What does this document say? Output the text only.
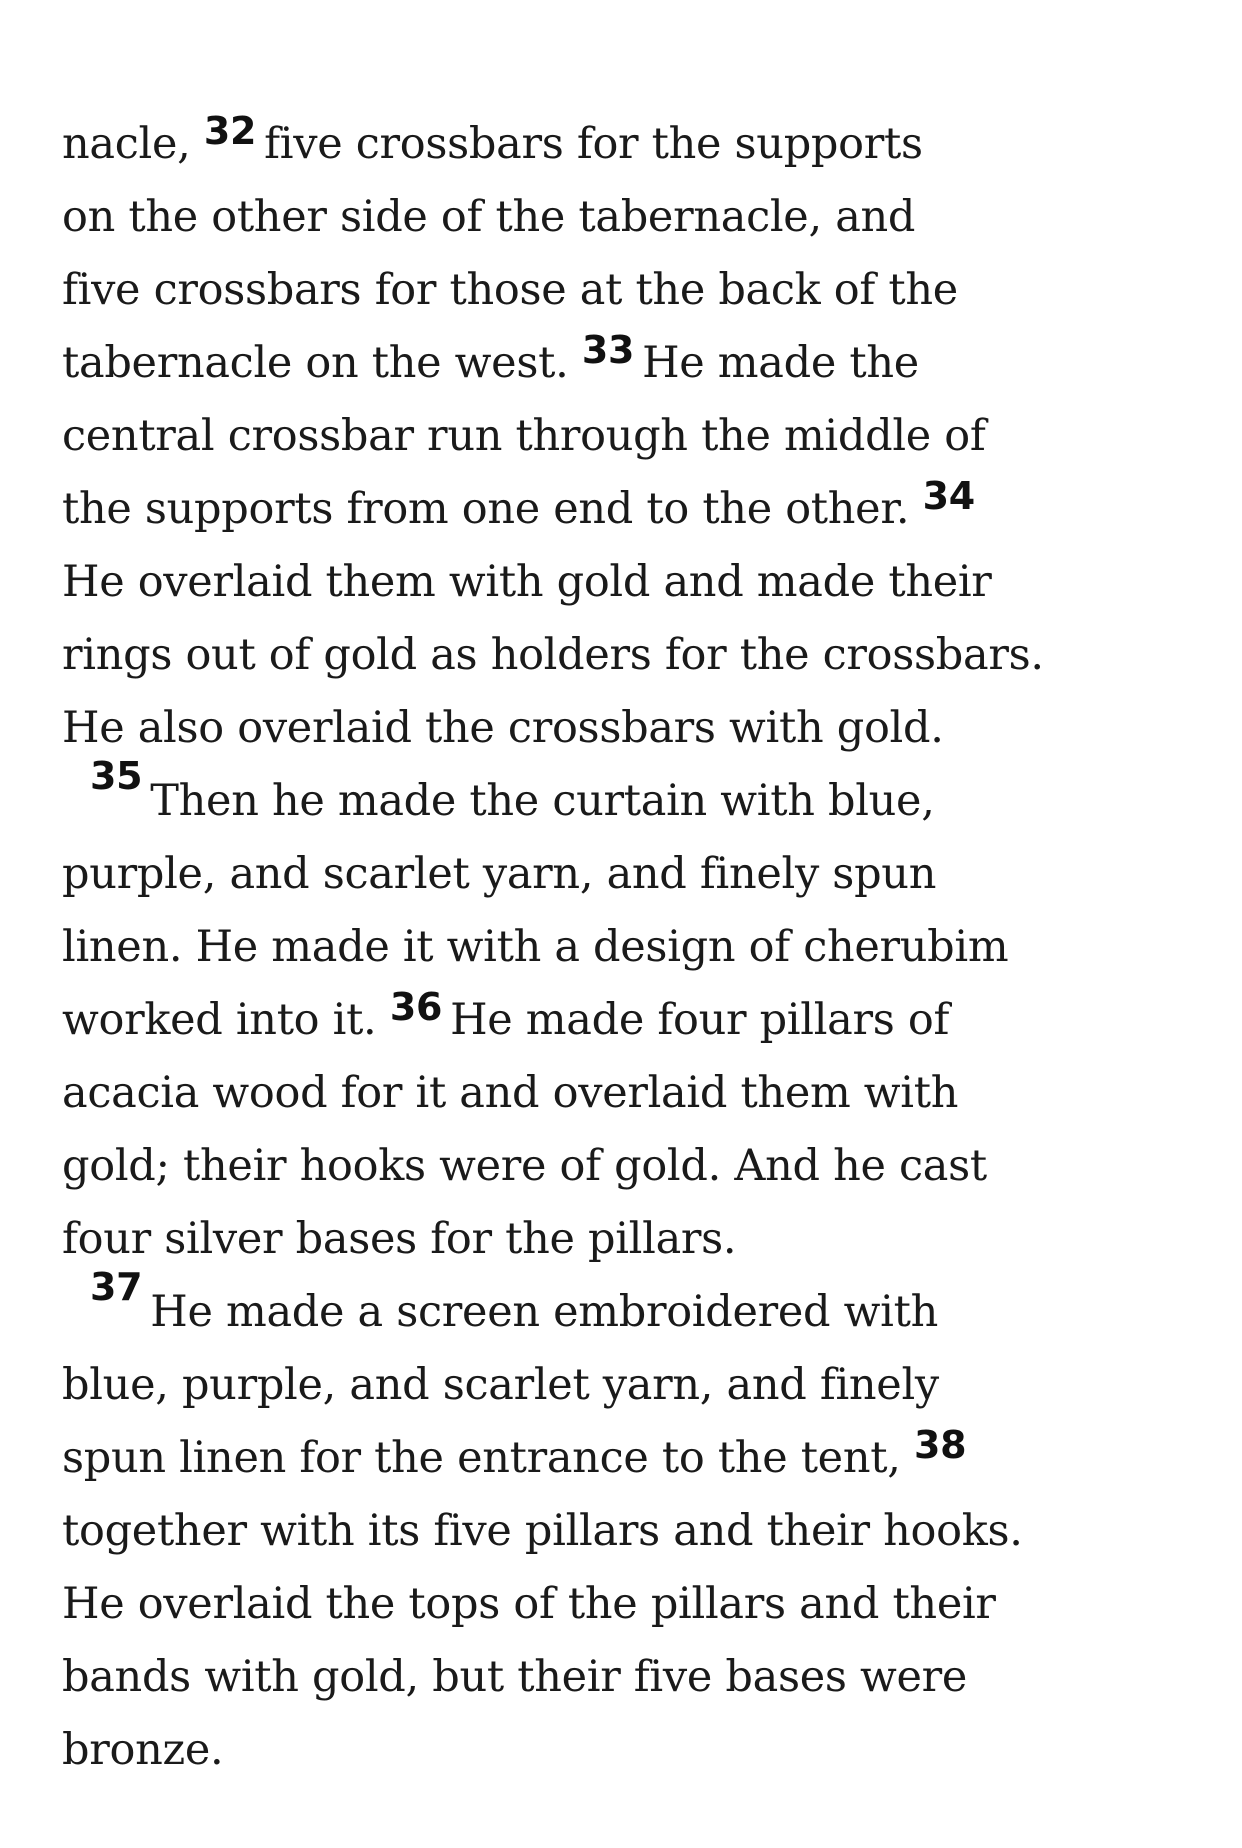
nacle, 32 five crossbars for the supports
on the other side of the tabernacle, and
five crossbars for those at the back of the
tabernacle on the west. 33 He made the
central crossbar run through the middle of
the supports from one end to the other. 34
He overlaid them with gold and made their
rings out of gold as holders for the crossbars.
He also overlaid the crossbars with gold.
35 Then he made the curtain with blue,
purple, and scarlet yarn, and finely spun
linen. He made it with a design of cherubim
worked into it. 36 He made four pillars of
acacia wood for it and overlaid them with
gold; their hooks were of gold. And he cast
four silver bases for the pillars.
37 He made a screen embroidered with
blue, purple, and scarlet yarn, and finely
spun linen for the entrance to the tent, 38
together with its five pillars and their hooks.
He overlaid the tops of the pillars and their
bands with gold, but their five bases were
bronze.
